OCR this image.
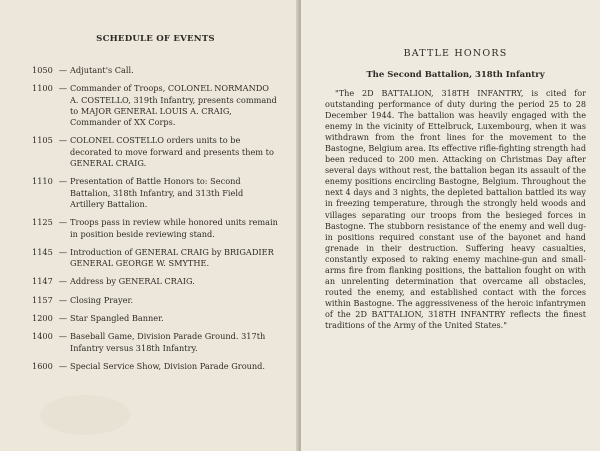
SCHEDULE OF EVENTS
1050 — Adjutant's Call.
1100 — Commander of Troops, COLONEL NORMANDO A. COSTELLO, 319th Infantry, presents command to MAJOR GENERAL LOUIS A. CRAIG, Commander of XX Corps.
1105 — COLONEL COSTELLO orders units to be decorated to move forward and presents them to GENERAL CRAIG.
1110 — Presentation of Battle Honors to: Second Battalion, 318th Infantry, and 313th Field Artillery Battalion.
1125 — Troops pass in review while honored units remain in position beside reviewing stand.
1145 — Introduction of GENERAL CRAIG by BRIGADIER GENERAL GEORGE W. SMYTHE.
1147 — Address by GENERAL CRAIG.
1157 — Closing Prayer.
1200 — Star Spangled Banner.
1400 — Baseball Game, Division Parade Ground. 317th Infantry versus 318th Infantry.
1600 — Special Service Show, Division Parade Ground.
BATTLE HONORS
The Second Battalion, 318th Infantry

"The 2D BATTALION, 318TH INFANTRY, is cited for outstanding performance of duty during the period 25 to 28 December 1944. The battalion was heavily engaged with the enemy in the vicinity of Ettelbruck, Luxembourg, when it was withdrawn from the front lines for the movement to the Bastogne, Belgium area. Its effective rifle-fighting strength had been reduced to 200 men. Attacking on Christmas Day after several days without rest, the battalion began its assault of the enemy positions encircling Bastogne, Belgium. Throughout the next 4 days and 3 nights, the depleted battalion battled its way in freezing temperature, through the strongly held woods and villages separating our troops from the besieged forces in Bastogne. The stubborn resistance of the enemy and well dug-in positions required constant use of the bayonet and hand grenade in their destruction. Suffering heavy casualties, constantly exposed to raking enemy machine-gun and small-arms fire from flanking positions, the battalion fought on with an unrelenting determination that overcame all obstacles, routed the enemy, and established contact with the forces within Bastogne. The aggressiveness of the heroic infantrymen of the 2D BATTALION, 318TH INFANTRY reflects the finest traditions of the Army of the United States."
